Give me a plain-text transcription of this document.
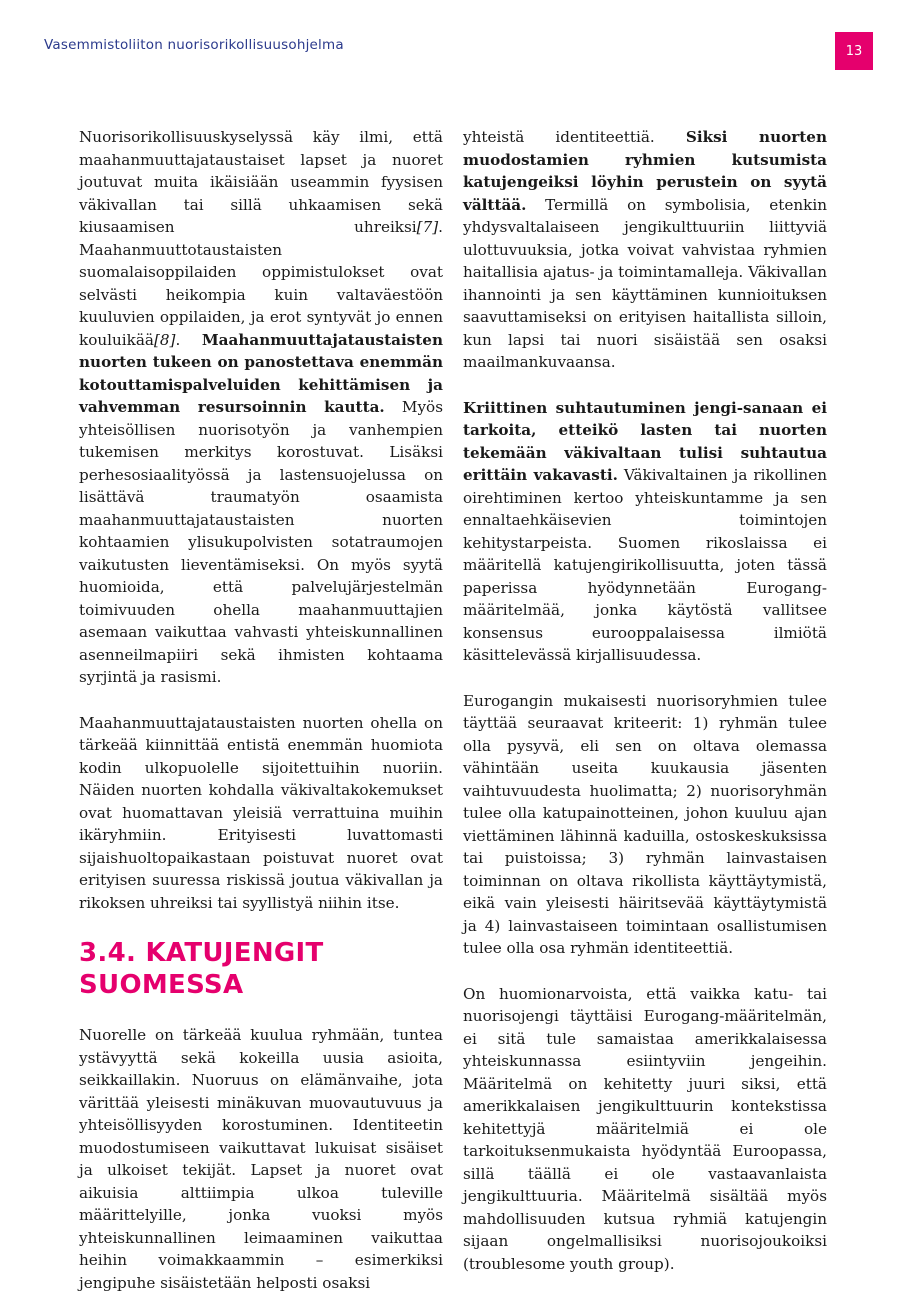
Vasemmistoliiton nuorisorikollisuusohjelma	13

Nuorisorikollisuuskyselyssä käy ilmi, että maahanmuuttajataustaiset lapset ja nuoret joutuvat muita ikäisiään useammin fyysisen väkivallan tai sillä uhkaamisen sekä kiusaamisen uhreiksi[7]. Maahanmuuttotaustaisten suomalaisoppilaiden oppimistulokset ovat selvästi heikompia kuin valtaväestöön kuuluvien oppilaiden, ja erot syntyvät jo ennen kouluikää[8]. Maahanmuuttajataustaisten nuorten tukeen on panostettava enemmän kotouttamispalveluiden kehittämisen ja vahvemman resursoinnin kautta. Myös yhteisöllisen nuorisotyön ja vanhempien tukemisen merkitys korostuvat. Lisäksi perhesosiaalityössä ja lastensuojelussa on lisättävä traumatyön osaamista maahanmuuttajataustaisten nuorten kohtaamien ylisukupolvisten sotatraumojen vaikutusten lieventämiseksi. On myös syytä huomioida, että palvelujärjestelmän toimivuuden ohella maahanmuuttajien asemaan vaikuttaa vahvasti yhteiskunnallinen asenneilmapiiri sekä ihmisten kohtaama syrjintä ja rasismi.

Maahanmuuttajataustaisten nuorten ohella on tärkeää kiinnittää entistä enemmän huomiota kodin ulkopuolelle sijoitettuihin nuoriin. Näiden nuorten kohdalla väkivaltakokemukset ovat huomattavan yleisiä verrattuina muihin ikäryhmiin. Erityisesti luvattomasti sijaishuoltopaikastaan poistuvat nuoret ovat erityisen suuressa riskissä joutua väkivallan ja rikoksen uhreiksi tai syyllistyä niihin itse.

3.4. KATUJENGIT
SUOMESSA

Nuorelle on tärkeää kuulua ryhmään, tuntea ystävyyttä sekä kokeilla uusia asioita, seikkaillakin. Nuoruus on elämänvaihe, jota värittää yleisesti minäkuvan muovautuvuus ja yhteisöllisyyden korostuminen. Identiteetin muodostumiseen vaikuttavat lukuisat sisäiset ja ulkoiset tekijät. Lapset ja nuoret ovat aikuisia alttiimpia ulkoa tuleville määrittelyille, jonka vuoksi myös yhteiskunnallinen leimaaminen vaikuttaa heihin voimakkaammin – esimerkiksi jengipuhe sisäistetään helposti osaksi

yhteistä identiteettiä. Siksi nuorten muodostamien ryhmien kutsumista katujengeiksi löyhin perustein on syytä välttää. Termillä on symbolisia, etenkin yhdysvaltalaiseen jengikulttuuriin liittyviä ulottuvuuksia, jotka voivat vahvistaa ryhmien haitallisia ajatus- ja toimintamalleja. Väkivallan ihannointi ja sen käyttäminen kunnioituksen saavuttamiseksi on erityisen haitallista silloin, kun lapsi tai nuori sisäistää sen osaksi maailmankuvaansa.

Kriittinen suhtautuminen jengi-sanaan ei tarkoita, etteikö lasten tai nuorten tekemään väkivaltaan tulisi suhtautua erittäin vakavasti. Väkivaltainen ja rikollinen oirehtiminen kertoo yhteiskuntamme ja sen ennaltaehkäisevien toimintojen kehitystarpeista. Suomen rikoslaissa ei määritellä katujengirikollisuutta, joten tässä paperissa hyödynnetään Eurogang-määritelmää, jonka käytöstä vallitsee konsensus eurooppalaisessa ilmiötä käsittelevässä kirjallisuudessa.

Eurogangin mukaisesti nuorisoryhmien tulee täyttää seuraavat kriteerit: 1) ryhmän tulee olla pysyvä, eli sen on oltava olemassa vähintään useita kuukausia jäsenten vaihtuvuudesta huolimatta; 2) nuorisoryhmän tulee olla katupainotteinen, johon kuuluu ajan viettäminen lähinnä kaduilla, ostoskeskuksissa tai puistoissa; 3) ryhmän lainvastaisen toiminnan on oltava rikollista käyttäytymistä, eikä vain yleisesti häiritsevää käyttäytymistä ja 4) lainvastaiseen toimintaan osallistumisen tulee olla osa ryhmän identiteettiä.

On huomionarvoista, että vaikka katu- tai nuorisojengi täyttäisi Eurogang-määritelmän, ei sitä tule samaistaa amerikkalaisessa yhteiskunnassa esiintyviin jengeihin. Määritelmä on kehitetty juuri siksi, että amerikkalaisen jengikulttuurin kontekstissa kehitettyjä määritelmiä ei ole tarkoituksenmukaista hyödyntää Euroopassa, sillä täällä ei ole vastaavanlaista jengikulttuuria. Määritelmä sisältää myös mahdollisuuden kutsua ryhmiä katujengin sijaan ongelmallisiksi nuorisojoukoiksi (troublesome youth group).
